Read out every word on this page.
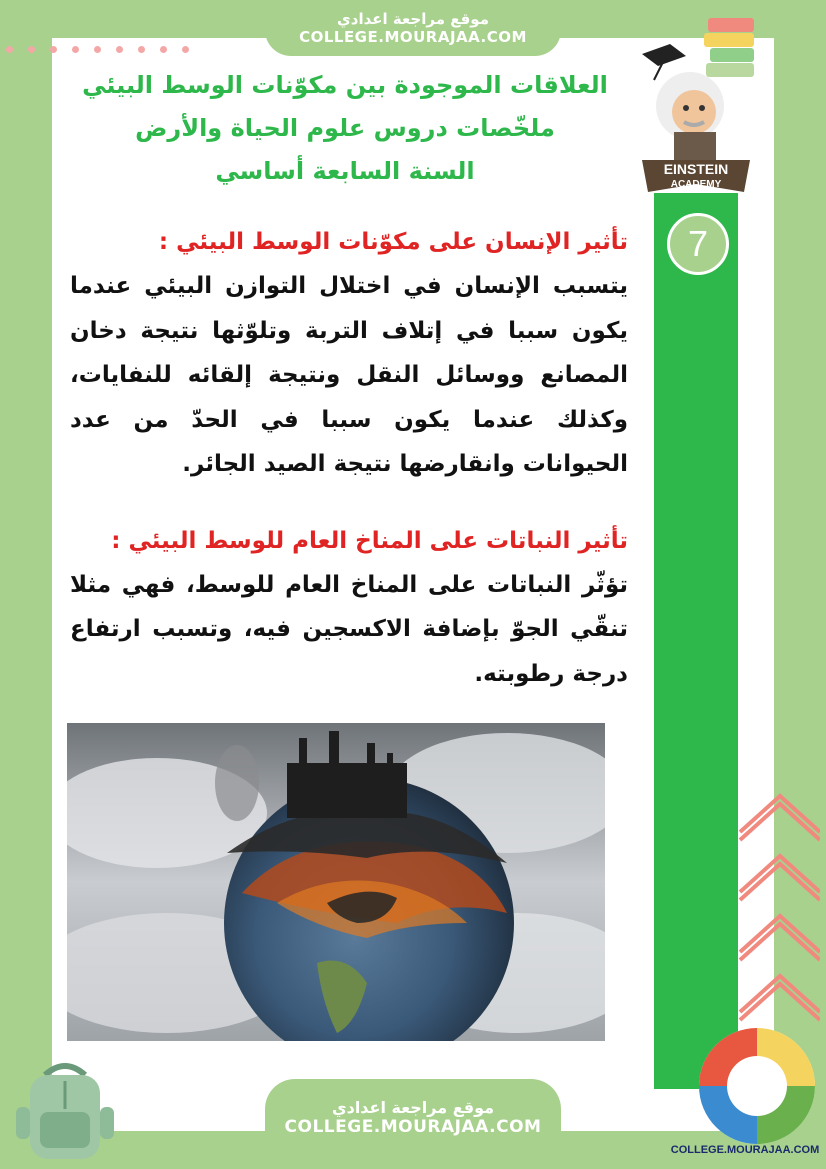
موقع مراجعة اعدادي
COLLEGE.MOURAJAA.COM
EINSTEIN
ACADEMY
العلاقات الموجودة بين مكوّنات الوسط البيئي
ملخّصات دروس علوم الحياة والأرض
السنة السابعة أساسي
7
تأثير الإنسان على مكوّنات الوسط البيئي :
يتسبب الإنسان في اختلال التوازن البيئي عندما يكون سببا في إتلاف التربة وتلوّثها نتيجة دخان المصانع ووسائل النقل ونتيجة إلقائه للنفايات، وكذلك عندما يكون سببا في الحدّ من عدد الحيوانات وانقارضها نتيجة الصيد الجائر.
تأثير النباتات على المناخ العام للوسط البيئي :
تؤثّر النباتات على المناخ العام للوسط، فهي مثلا تنقّي الجوّ بإضافة الاكسجين فيه، وتسبب ارتفاع درجة رطوبته.
COLLEGE.MOURAJAA.COM
موقع مراجعة اعدادي
COLLEGE.MOURAJAA.COM
